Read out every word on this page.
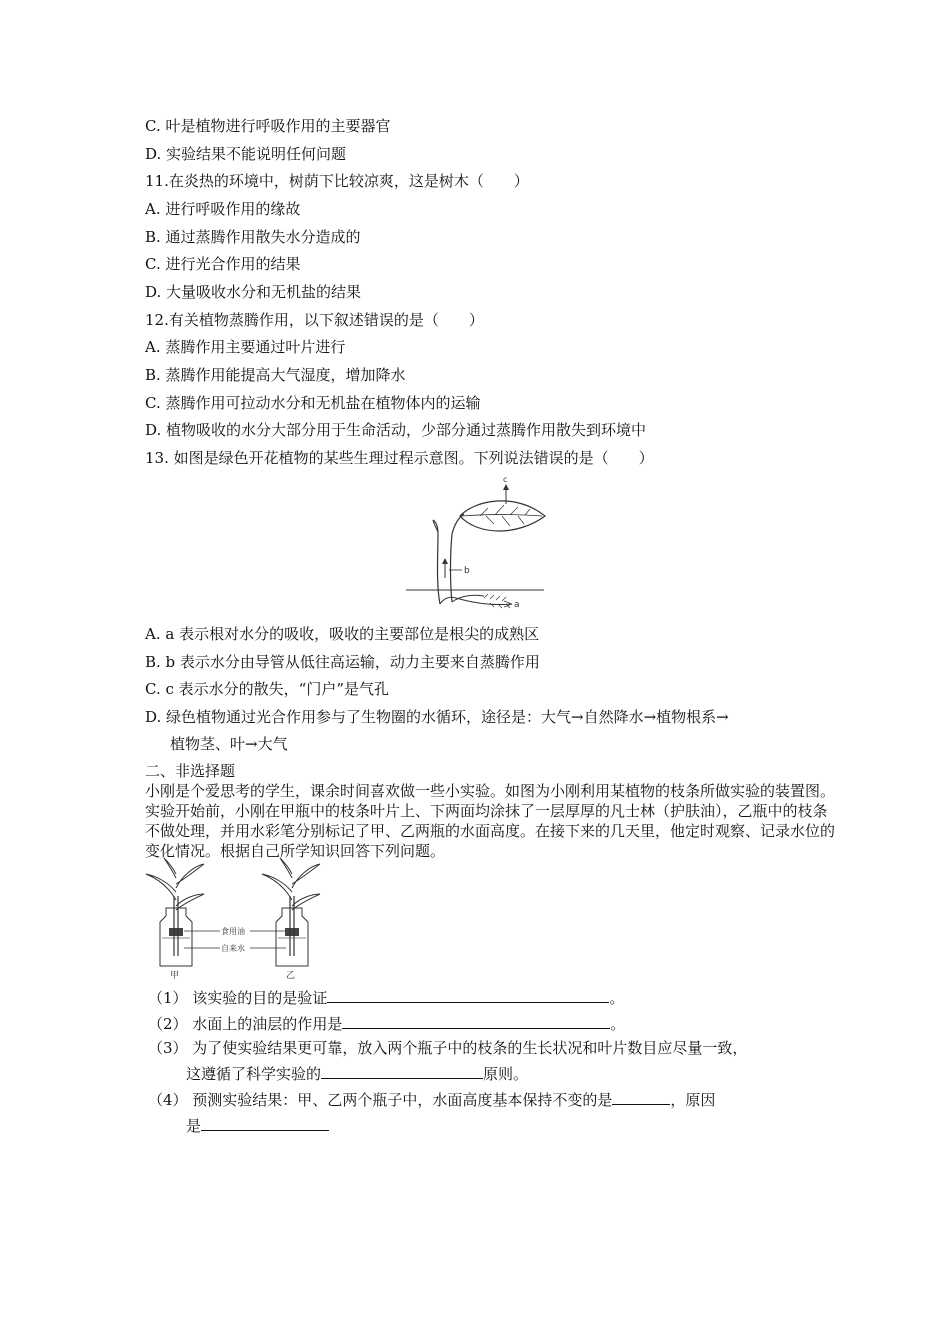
C. 叶是植物进行呼吸作用的主要器官
D. 实验结果不能说明任何问题
11.在炎热的环境中，树荫下比较凉爽，这是树木（　　）
A. 进行呼吸作用的缘故
B. 通过蒸腾作用散失水分造成的
C. 进行光合作用的结果
D. 大量吸收水分和无机盐的结果
12.有关植物蒸腾作用，以下叙述错误的是（　　）
A. 蒸腾作用主要通过叶片进行
B. 蒸腾作用能提高大气湿度，增加降水
C. 蒸腾作用可拉动水分和无机盐在植物体内的运输
D. 植物吸收的水分大部分用于生命活动，少部分通过蒸腾作用散失到环境中
13. 如图是绿色开花植物的某些生理过程示意图。下列说法错误的是（　　）
c
b
a
A. a 表示根对水分的吸收，吸收的主要部位是根尖的成熟区
B. b 表示水分由导管从低往高运输，动力主要来自蒸腾作用
C. c 表示水分的散失，“门户”是气孔
D. 绿色植物通过光合作用参与了生物圈的水循环，途径是：大气→自然降水→植物根系→
植物茎、叶→大气
二、非选择题
小刚是个爱思考的学生，课余时间喜欢做一些小实验。如图为小刚利用某植物的枝条所做实验的装置图。实验开始前，小刚在甲瓶中的枝条叶片上、下两面均涂抹了一层厚厚的凡士林（护肤油），乙瓶中的枝条不做处理，并用水彩笔分别标记了甲、乙两瓶的水面高度。在接下来的几天里，他定时观察、记录水位的变化情况。根据自己所学知识回答下列问题。
甲
食用油
自来水
乙
（1） 该实验的目的是验证	。
（2） 水面上的油层的作用是	。
（3） 为了使实验结果更可靠，放入两个瓶子中的枝条的生长状况和叶片数目应尽量一致，
这遵循了科学实验的	原则。
（4） 预测实验结果：甲、乙两个瓶子中，水面高度基本保持不变的是	，原因
是
